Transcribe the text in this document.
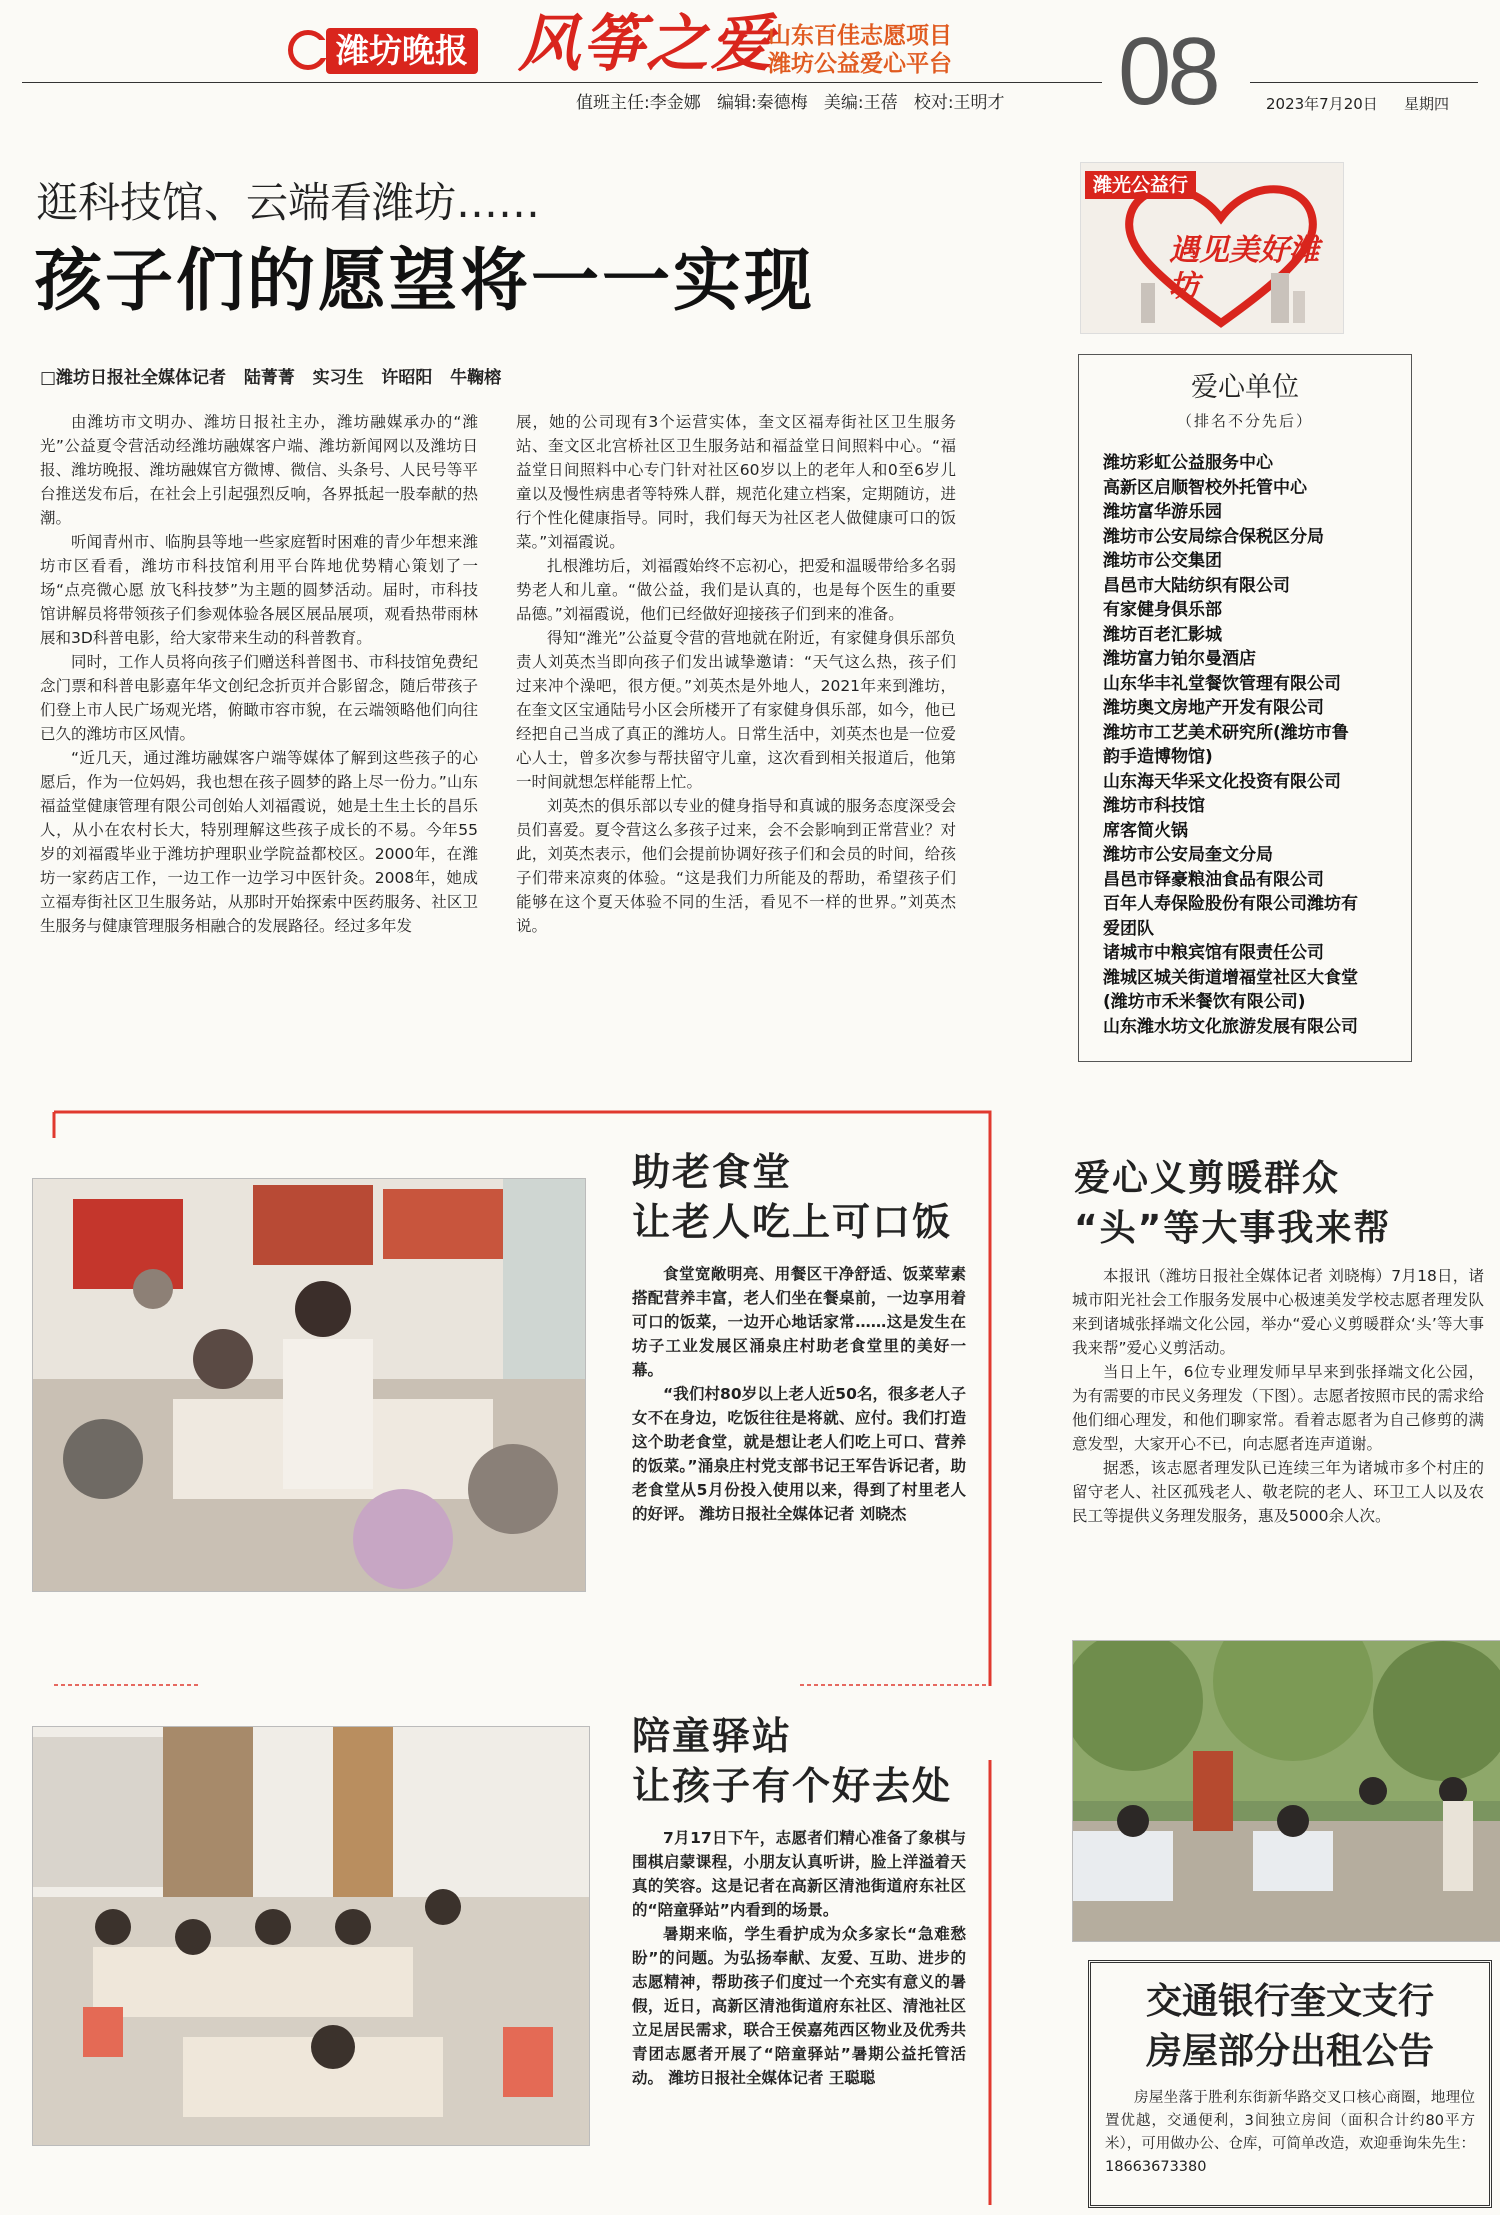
潍坊晚报 风筝之爱
山东百佳志愿项目
潍坊公益爱心平台 08
值班主任:李金娜   编辑:秦德梅   美编:王蓓   校对:王明才	2023年7月20日 星期四
逛科技馆、云端看潍坊……
孩子们的愿望将一一实现
□潍坊日报社全媒体记者   陆菁菁   实习生   许昭阳   牛鞠榕

由潍坊市文明办、潍坊日报社主办，潍坊融媒承办的“潍光”公益夏令营活动经潍坊融媒客户端、潍坊新闻网以及潍坊日报、潍坊晚报、潍坊融媒官方微博、微信、头条号、人民号等平台推送发布后，在社会上引起强烈反响，各界抵起一股奉献的热潮。

听闻青州市、临朐县等地一些家庭暂时困难的青少年想来潍坊市区看看，潍坊市科技馆利用平台阵地优势精心策划了一场“点亮微心愿 放飞科技梦”为主题的圆梦活动。届时，市科技馆讲解员将带领孩子们参观体验各展区展品展项，观看热带雨林展和3D科普电影，给大家带来生动的科普教育。

同时，工作人员将向孩子们赠送科普图书、市科技馆免费纪念门票和科普电影嘉年华文创纪念折页并合影留念，随后带孩子们登上市人民广场观光塔，俯瞰市容市貌，在云端领略他们向往已久的潍坊市区风情。

“近几天，通过潍坊融媒客户端等媒体了解到这些孩子的心愿后，作为一位妈妈，我也想在孩子圆梦的路上尽一份力。”山东福益堂健康管理有限公司创始人刘福霞说，她是土生土长的昌乐人，从小在农村长大，特别理解这些孩子成长的不易。今年55岁的刘福霞毕业于潍坊护理职业学院益都校区。2000年，在潍坊一家药店工作，一边工作一边学习中医针灸。2008年，她成立福寿街社区卫生服务站，从那时开始探索中医药服务、社区卫生服务与健康管理服务相融合的发展路径。经过多年发

展，她的公司现有3个运营实体，奎文区福寿街社区卫生服务站、奎文区北宫桥社区卫生服务站和福益堂日间照料中心。“福益堂日间照料中心专门针对社区60岁以上的老年人和0至6岁儿童以及慢性病患者等特殊人群，规范化建立档案，定期随访，进行个性化健康指导。同时，我们每天为社区老人做健康可口的饭菜。”刘福霞说。

扎根潍坊后，刘福霞始终不忘初心，把爱和温暖带给多名弱势老人和儿童。“做公益，我们是认真的，也是每个医生的重要品德。”刘福霞说，他们已经做好迎接孩子们到来的准备。

得知“潍光”公益夏令营的营地就在附近，有家健身俱乐部负责人刘英杰当即向孩子们发出诚挚邀请：“天气这么热，孩子们过来冲个澡吧，很方便。”刘英杰是外地人，2021年来到潍坊，在奎文区宝通陆号小区会所楼开了有家健身俱乐部，如今，他已经把自己当成了真正的潍坊人。日常生活中，刘英杰也是一位爱心人士，曾多次参与帮扶留守儿童，这次看到相关报道后，他第一时间就想怎样能帮上忙。

刘英杰的俱乐部以专业的健身指导和真诚的服务态度深受会员们喜爱。夏令营这么多孩子过来，会不会影响到正常营业？对此，刘英杰表示，他们会提前协调好孩子们和会员的时间，给孩子们带来凉爽的体验。“这是我们力所能及的帮助，希望孩子们能够在这个夏天体验不同的生活，看见不一样的世界。”刘英杰说。

潍光公益行
遇见美好潍坊
爱心单位
（排名不分先后）
潍坊彩虹公益服务中心
高新区启顺智校外托管中心
潍坊富华游乐园
潍坊市公安局综合保税区分局
潍坊市公交集团
昌邑市大陆纺织有限公司
有家健身俱乐部
潍坊百老汇影城
潍坊富力铂尔曼酒店
山东华丰礼堂餐饮管理有限公司
潍坊奥文房地产开发有限公司
潍坊市工艺美术研究所(潍坊市鲁
韵手造博物馆)
山东海天华采文化投资有限公司
潍坊市科技馆
席客简火锅
潍坊市公安局奎文分局
昌邑市铎豪粮油食品有限公司
百年人寿保险股份有限公司潍坊有
爱团队
诸城市中粮宾馆有限责任公司
潍城区城关街道增福堂社区大食堂
(潍坊市禾米餐饮有限公司)
山东潍水坊文化旅游发展有限公司
助老食堂
让老人吃上可口饭

食堂宽敞明亮、用餐区干净舒适、饭菜荤素搭配营养丰富，老人们坐在餐桌前，一边享用着可口的饭菜，一边开心地话家常……这是发生在坊子工业发展区涌泉庄村助老食堂里的美好一幕。

“我们村80岁以上老人近50名，很多老人子女不在身边，吃饭往往是将就、应付。我们打造这个助老食堂，就是想让老人们吃上可口、营养的饭菜。”涌泉庄村党支部书记王军告诉记者，助老食堂从5月份投入使用以来，得到了村里老人的好评。 潍坊日报社全媒体记者 刘晓杰

陪童驿站
让孩子有个好去处

7月17日下午，志愿者们精心准备了象棋与围棋启蒙课程，小朋友认真听讲，脸上洋溢着天真的笑容。这是记者在高新区清池街道府东社区的“陪童驿站”内看到的场景。

暑期来临，学生看护成为众多家长“急难愁盼”的问题。为弘扬奉献、友爱、互助、进步的志愿精神，帮助孩子们度过一个充实有意义的暑假，近日，高新区清池街道府东社区、清池社区立足居民需求，联合王侯嘉苑西区物业及优秀共青团志愿者开展了“陪童驿站”暑期公益托管活动。 潍坊日报社全媒体记者 王聪聪

爱心义剪暖群众
“头”等大事我来帮

本报讯（潍坊日报社全媒体记者 刘晓梅）7月18日，诸城市阳光社会工作服务发展中心极速美发学校志愿者理发队来到诸城张择端文化公园，举办“爱心义剪暖群众‘头’等大事我来帮”爱心义剪活动。

当日上午，6位专业理发师早早来到张择端文化公园，为有需要的市民义务理发（下图）。志愿者按照市民的需求给他们细心理发，和他们聊家常。看着志愿者为自己修剪的满意发型，大家开心不已，向志愿者连声道谢。

据悉，该志愿者理发队已连续三年为诸城市多个村庄的留守老人、社区孤残老人、敬老院的老人、环卫工人以及农民工等提供义务理发服务，惠及5000余人次。

交通银行奎文支行
房屋部分出租公告

房屋坐落于胜利东街新华路交叉口核心商圈，地理位置优越，交通便利，3间独立房间（面积合计约80平方米），可用做办公、仓库，可简单改造，欢迎垂询朱先生：18663673380
